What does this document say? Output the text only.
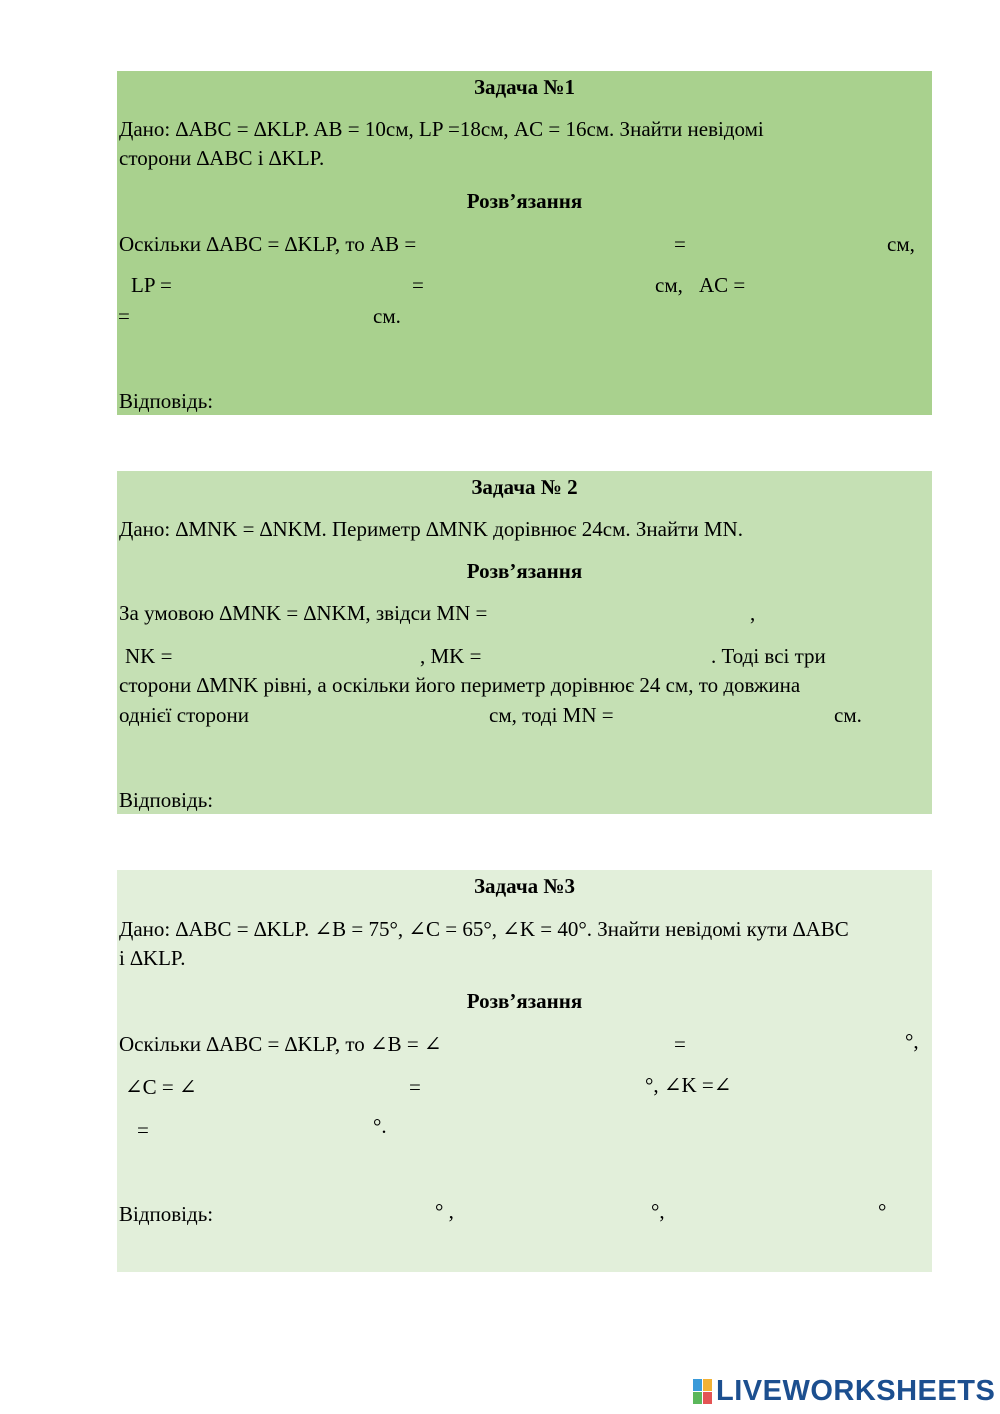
Задача №1
Дано: ∆ABC = ∆KLP. AB = 10см, LP =18см, AC = 16см. Знайти невідомі
сторони ∆ABC і ∆KLP.
Розв’язання
Оскільки ∆ABC = ∆KLP, то AB =	=	см,
LP =	=	см, AC =
=	см.
Відповідь:
Задача № 2
Дано: ∆MNK = ∆NKM. Периметр ∆MNK дорівнює 24см. Знайти MN.
Розв’язання
За умовою ∆MNK = ∆NKM, звідси MN =	,
NK =	, MK =	. Тоді всі три
сторони ∆MNK рівні, а оскільки його периметр дорівнює 24 см, то довжина
однієї сторони	см, тоді MN =	см.
Відповідь:
Задача №3
Дано: ∆ABC = ∆KLP. ∠B = 75°, ∠C = 65°, ∠K = 40°. Знайти невідомі кути ∆ABC
і ∆KLP.
Розв’язання
Оскільки ∆ABC = ∆KLP, то ∠B = ∠	=	°,
∠C = ∠	=	°, ∠K =∠
=	°.
Відповідь:	° ,	°,	°
LIVEWORKSHEETS
